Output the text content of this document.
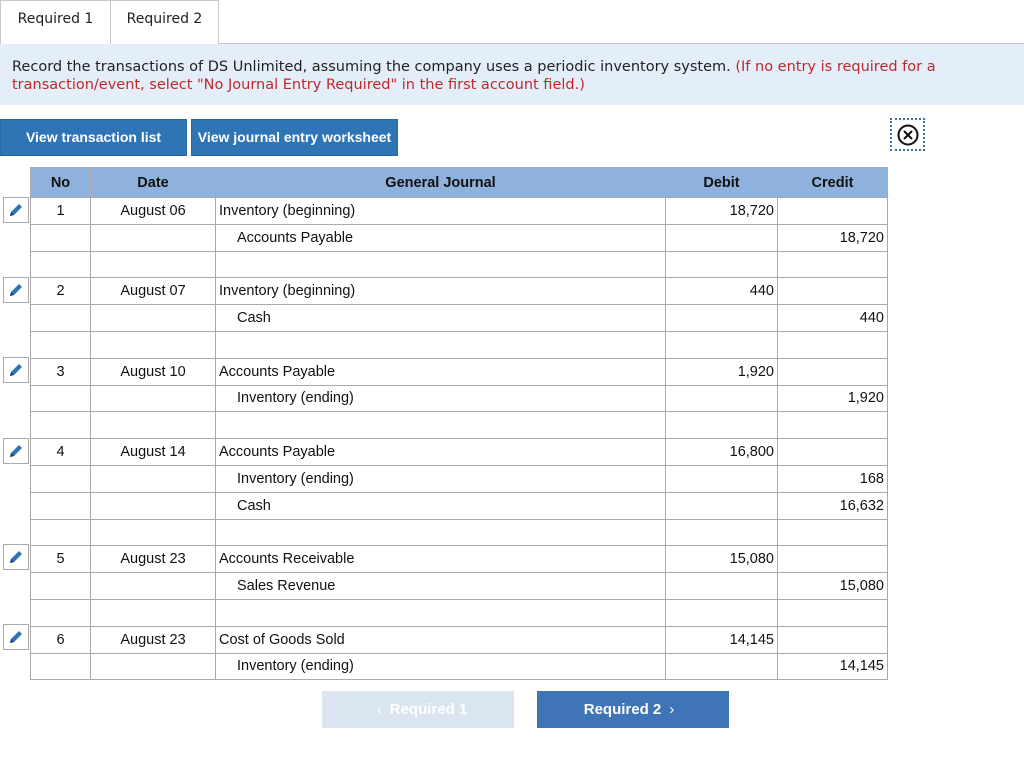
Required 1	Required 2
Record the transactions of DS Unlimited, assuming the company uses a periodic inventory system. (If no entry is required for a transaction/event, select "No Journal Entry Required" in the first account field.)
View transaction list	View journal entry worksheet
No	Date	General Journal	Debit	Credit
1	August 06	Inventory (beginning)	18,720	
		Accounts Payable		18,720

2	August 07	Inventory (beginning)	440	
		Cash		440

3	August 10	Accounts Payable	1,920	
		Inventory (ending)		1,920

4	August 14	Accounts Payable	16,800	
		Inventory (ending)		168
		Cash		16,632

5	August 23	Accounts Receivable	15,080	
		Sales Revenue		15,080

6	August 23	Cost of Goods Sold	14,145	
		Inventory (ending)		14,145
‹ Required 1	Required 2 ›
